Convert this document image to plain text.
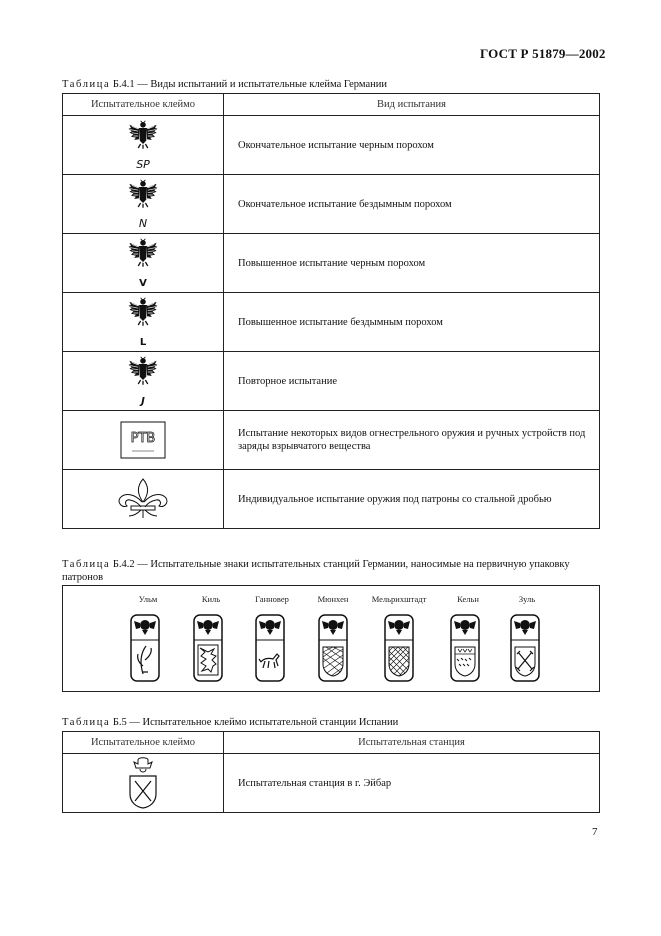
ГОСТ Р 51879—2002
Таблица Б.4.1 — Виды испытаний и испытательные клейма Германии
Испытательное клеймо	Вид испытания

SP	Окончательное испытание черным порохом

N	Окончательное испытание бездымным порохом

V	Повышенное испытание черным порохом

L	Повышенное испытание бездымным порохом

J	Повторное испытание

PTB	Испытание некоторых видов огнестрельного оружия и ручных устройств под заряды взрывчатого вещества

	Индивидуальное испытание оружия под патроны со стальной дробью
Таблица Б.4.2 — Испытательные знаки испытательных станций Германии, наносимые на первичную упаковку патронов
Ульм	Киль	Ганновер	Мюнхен	Мельрихштадт	Кельн	Зуль
Таблица Б.5 — Испытательное клеймо испытательной станции Испании
Испытательное клеймо	Испытательная станция

	Испытательная станция в г. Эйбар
7
